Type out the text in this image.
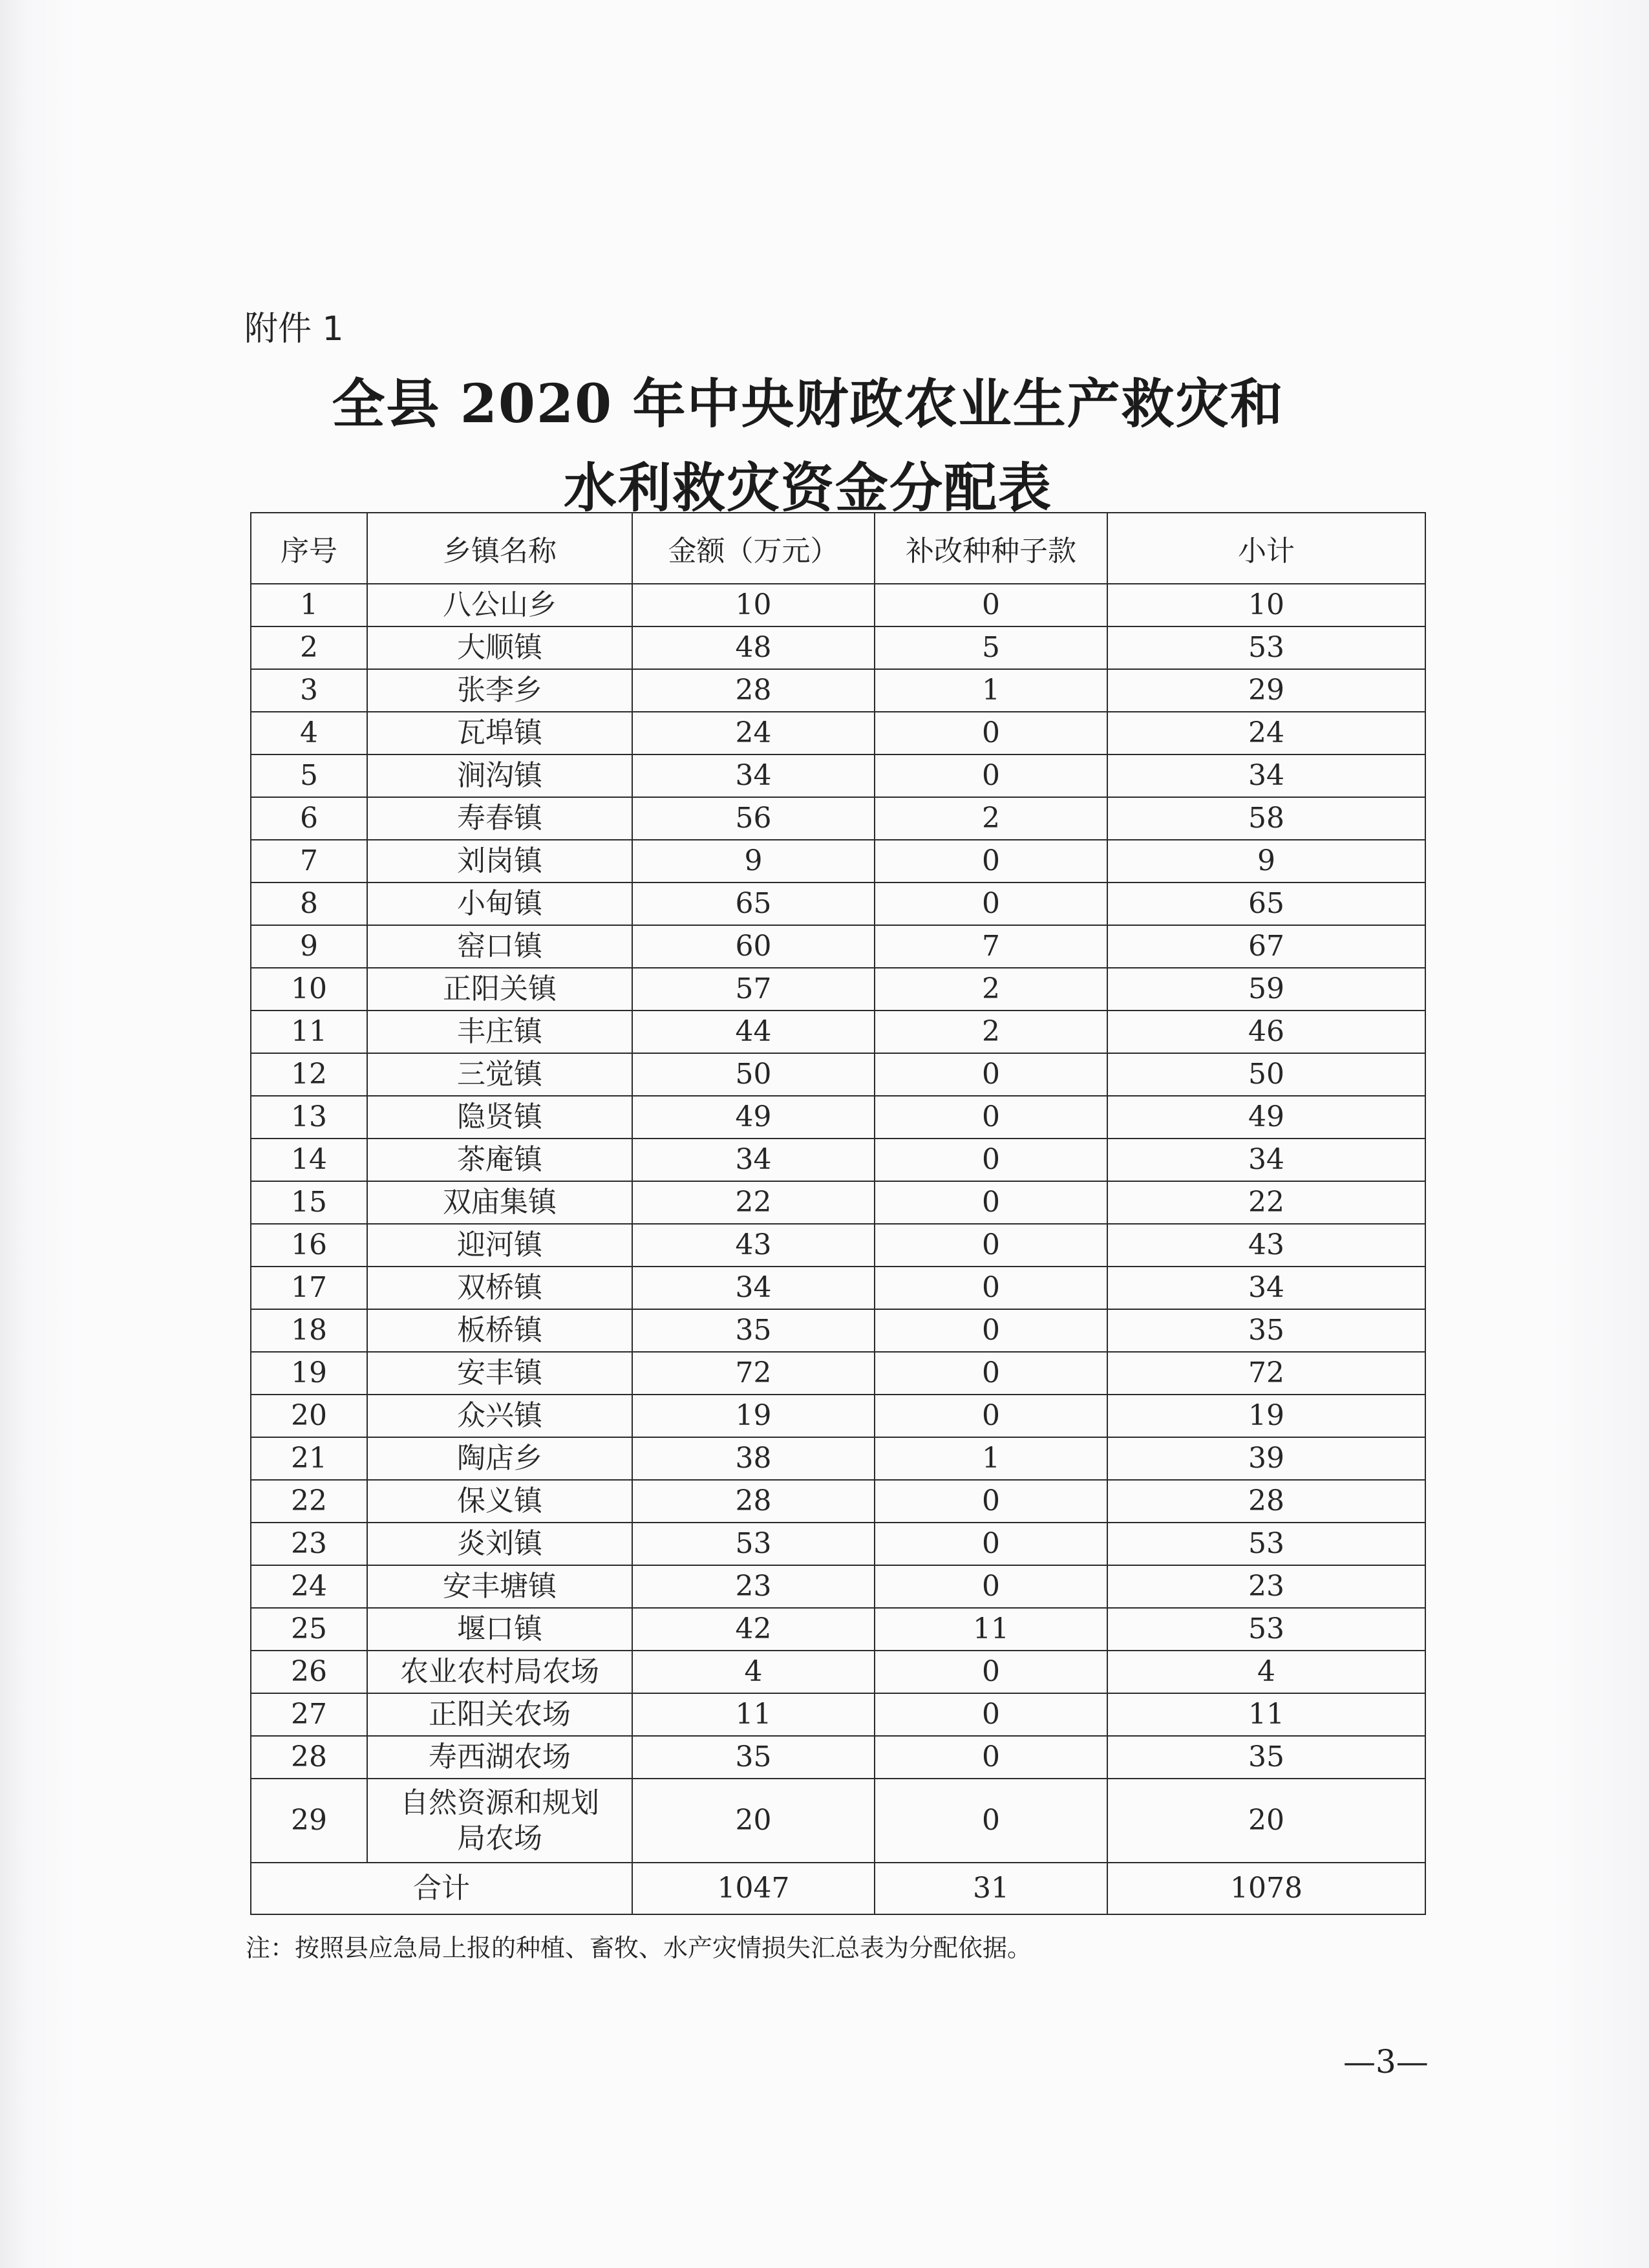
附件 1
全县 2020 年中央财政农业生产救灾和
水利救灾资金分配表
序号	乡镇名称	金额（万元）	补改种种子款	小计
1	八公山乡	10	0	10
2	大顺镇	48	5	53
3	张李乡	28	1	29
4	瓦埠镇	24	0	24
5	涧沟镇	34	0	34
6	寿春镇	56	2	58
7	刘岗镇	9	0	9
8	小甸镇	65	0	65
9	窑口镇	60	7	67
10	正阳关镇	57	2	59
11	丰庄镇	44	2	46
12	三觉镇	50	0	50
13	隐贤镇	49	0	49
14	茶庵镇	34	0	34
15	双庙集镇	22	0	22
16	迎河镇	43	0	43
17	双桥镇	34	0	34
18	板桥镇	35	0	35
19	安丰镇	72	0	72
20	众兴镇	19	0	19
21	陶店乡	38	1	39
22	保义镇	28	0	28
23	炎刘镇	53	0	53
24	安丰塘镇	23	0	23
25	堰口镇	42	11	53
26	农业农村局农场	4	0	4
27	正阳关农场	11	0	11
28	寿西湖农场	35	0	35
29	自然资源和规划局农场	20	0	20
合计		1047	31	1078
注：按照县应急局上报的种植、畜牧、水产灾情损失汇总表为分配依据。
—3—
